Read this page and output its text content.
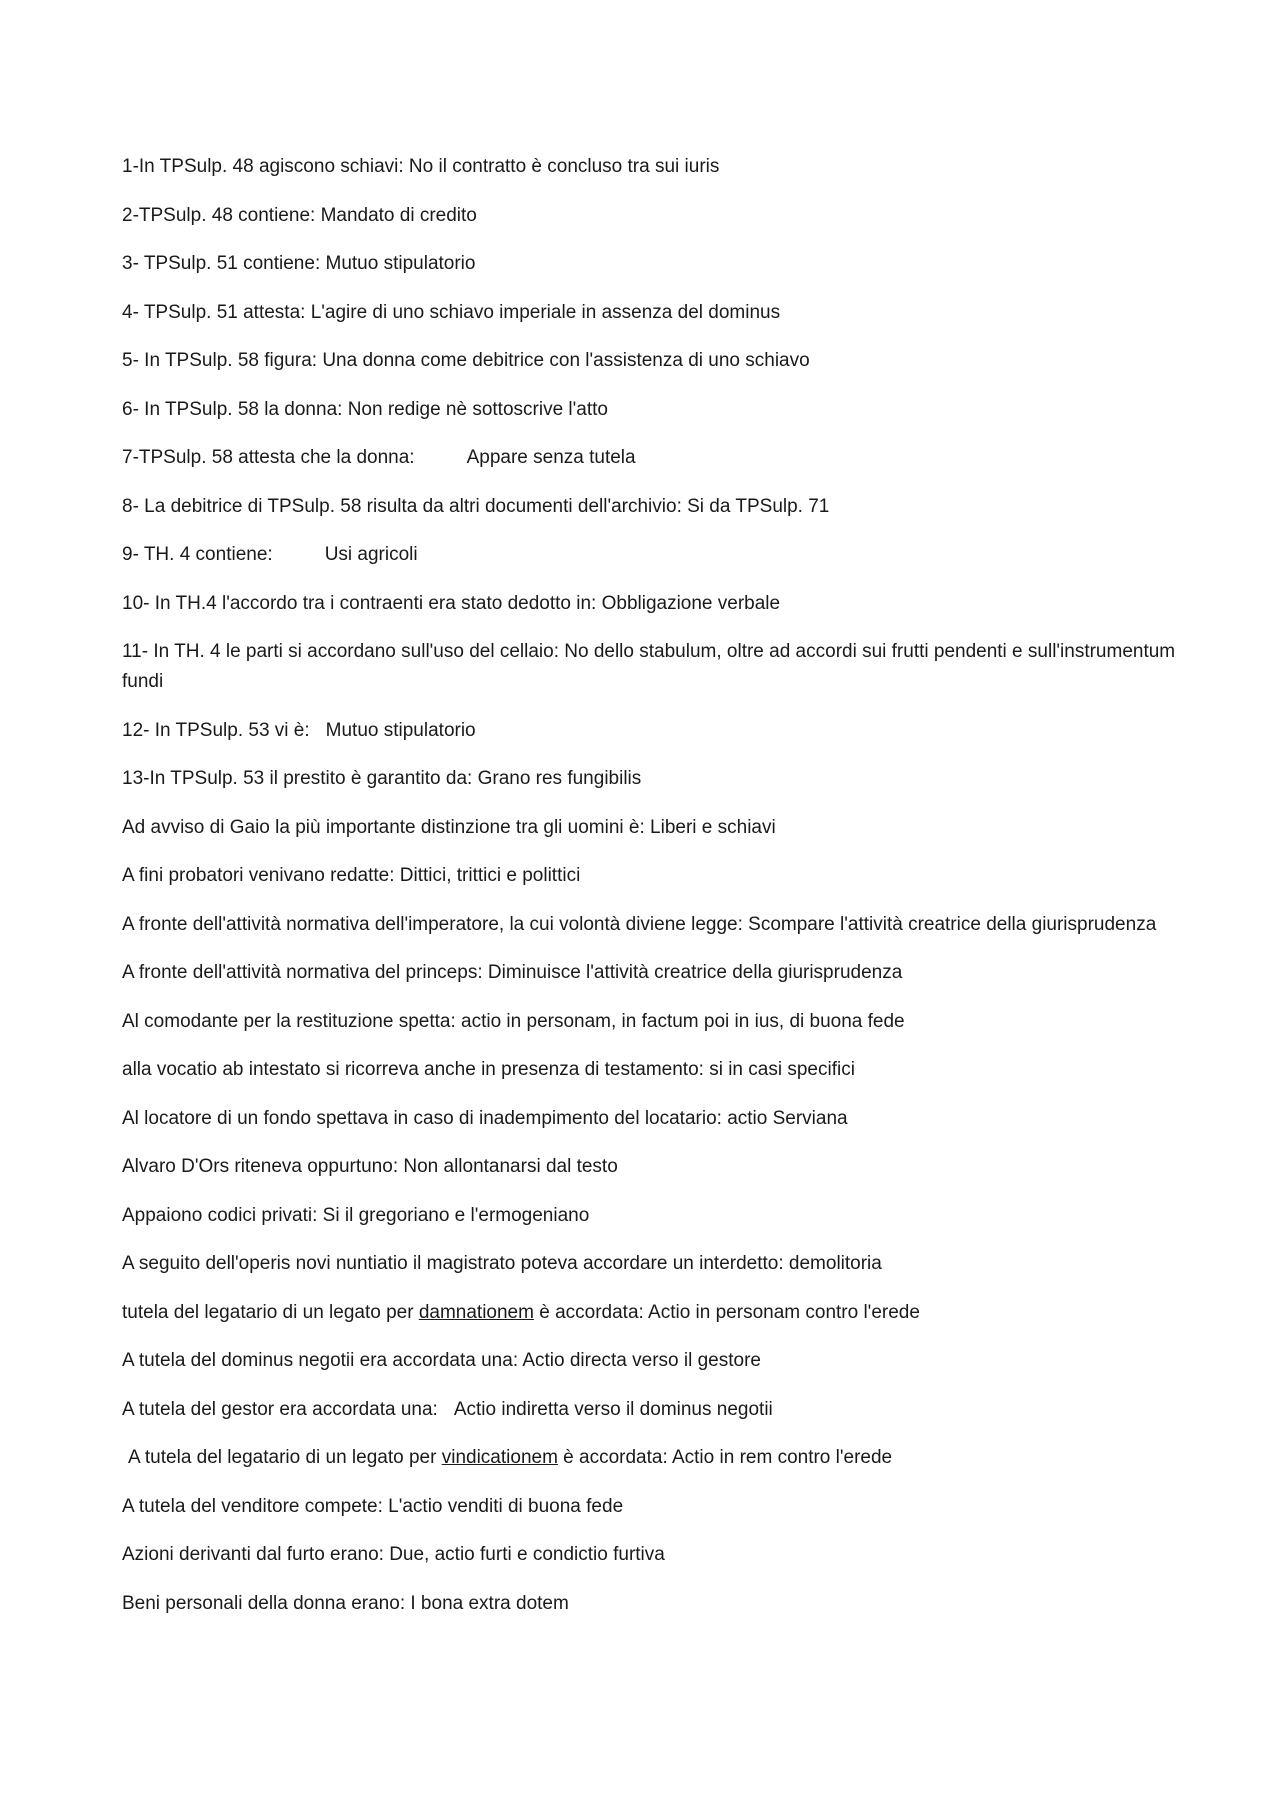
1-In TPSulp. 48 agiscono schiavi: No il contratto è concluso tra sui iuris
2-TPSulp. 48 contiene: Mandato di credito
3- TPSulp. 51 contiene: Mutuo stipulatorio
4- TPSulp. 51 attesta: L'agire di uno schiavo imperiale in assenza del dominus
5- In TPSulp. 58 figura: Una donna come debitrice con l'assistenza di uno schiavo
6- In TPSulp. 58 la donna: Non redige nè sottoscrive l'atto
7-TPSulp. 58 attesta che la donna:	Appare senza tutela
8- La debitrice di TPSulp. 58 risulta da altri documenti dell'archivio: Si da TPSulp. 71
9- TH. 4 contiene:	Usi agricoli
10- In TH.4 l'accordo tra i contraenti era stato dedotto in: Obbligazione verbale
11- In TH. 4 le parti si accordano sull'uso del cellaio: No dello stabulum, oltre ad accordi sui frutti pendenti e sull'instrumentum fundi
12- In TPSulp. 53 vi è: Mutuo stipulatorio
13-In TPSulp. 53 il prestito è garantito da: Grano res fungibilis
Ad avviso di Gaio la più importante distinzione tra gli uomini è: Liberi e schiavi
A fini probatori venivano redatte: Dittici, trittici e polittici
A fronte dell'attività normativa dell'imperatore, la cui volontà diviene legge: Scompare l'attività creatrice della giurisprudenza
A fronte dell'attività normativa del princeps: Diminuisce l'attività creatrice della giurisprudenza
Al comodante per la restituzione spetta: actio in personam, in factum poi in ius, di buona fede
alla vocatio ab intestato si ricorreva anche in presenza di testamento: si in casi specifici
Al locatore di un fondo spettava in caso di inadempimento del locatario: actio Serviana
Alvaro D'Ors riteneva oppurtuno: Non allontanarsi dal testo
Appaiono codici privati: Si il gregoriano e l'ermogeniano
A seguito dell'operis novi nuntiatio il magistrato poteva accordare un interdetto: demolitoria
tutela del legatario di un legato per damnationem è accordata: Actio in personam contro l'erede
A tutela del dominus negotii era accordata una: Actio directa verso il gestore
A tutela del gestor era accordata una: Actio indiretta verso il dominus negotii
A tutela del legatario di un legato per vindicationem è accordata: Actio in rem contro l'erede
A tutela del venditore compete: L'actio venditi di buona fede
Azioni derivanti dal furto erano: Due, actio furti e condictio furtiva
Beni personali della donna erano: I bona extra dotem
